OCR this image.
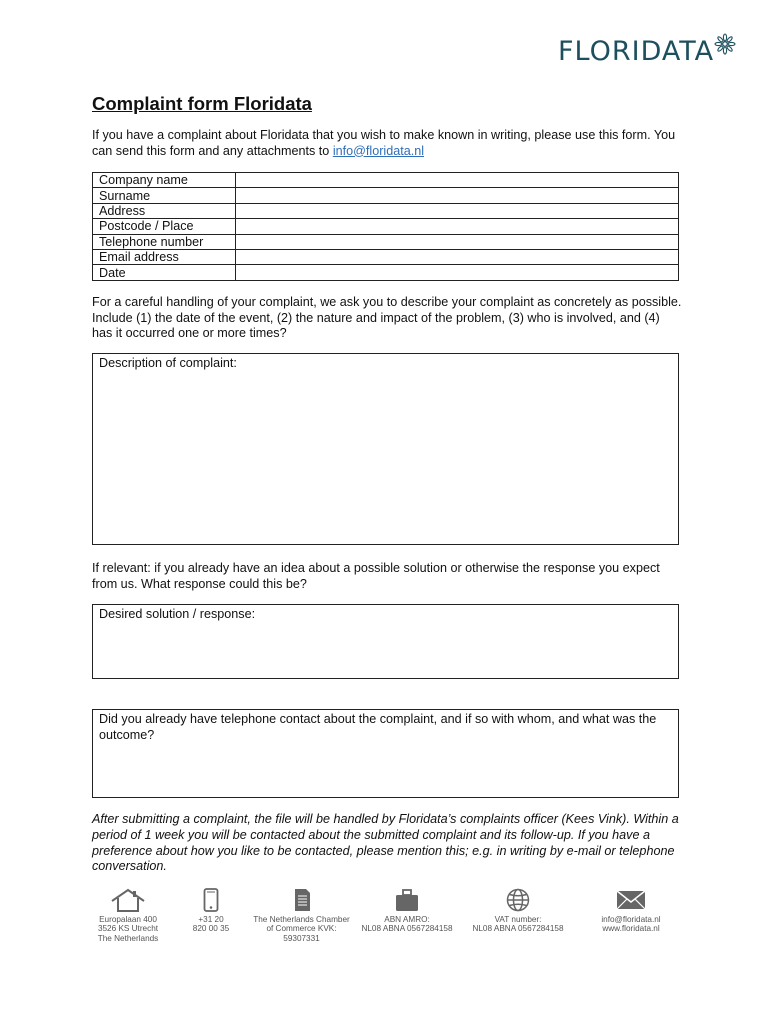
FLORIDATA
Complaint form Floridata
If you have a complaint about Floridata that you wish to make known in writing, please use this form. You can send this form and any attachments to info@floridata.nl
Company name	
Surname	
Address	
Postcode / Place	
Telephone number	
Email address	
Date	
For a careful handling of your complaint, we ask you to describe your complaint as concretely as possible. Include (1) the date of the event, (2) the nature and impact of the problem, (3) who is involved, and (4) has it occurred one or more times?
Description of complaint:
If relevant: if you already have an idea about a possible solution or otherwise the response you expect from us. What response could this be?
Desired solution / response:
Did you already have telephone contact about the complaint, and if so with whom, and what was the outcome?
After submitting a complaint, the file will be handled by Floridata’s complaints officer (Kees Vink). Within a period of 1 week you will be contacted about the submitted complaint and its follow-up. If you have a preference about how you like to be contacted, please mention this; e.g. in writing by e-mail or telephone conversation.
Europalaan 400
3526 KS Utrecht
The Netherlands
+31 20
820 00 35
The Netherlands Chamber
of Commerce KVK:
59307331
ABN AMRO:
NL08 ABNA 0567284158
VAT number:
NL08 ABNA 0567284158
info@floridata.nl
www.floridata.nl
